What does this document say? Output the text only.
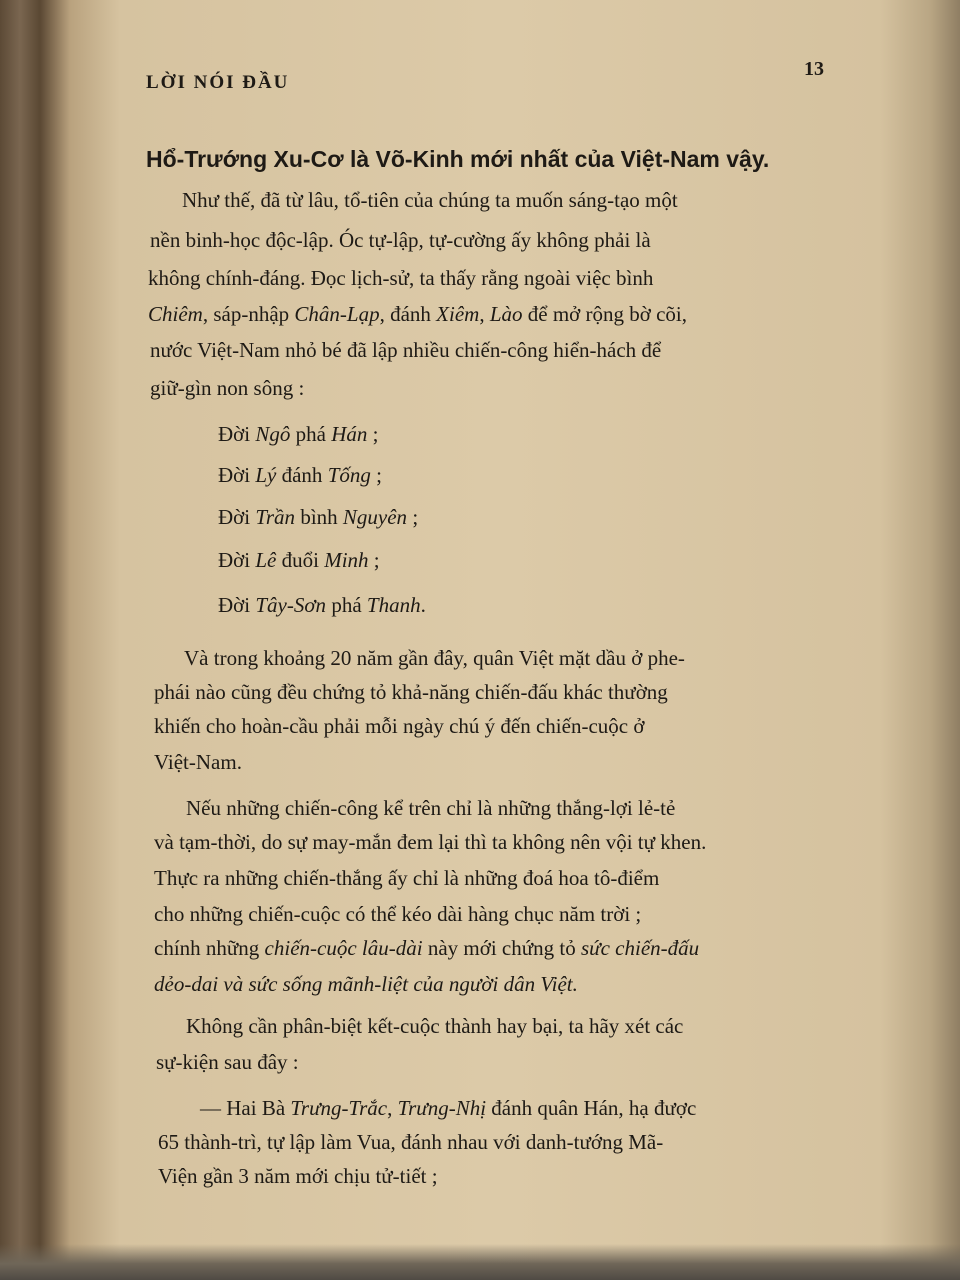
LỜI NÓI ĐẦU
13
Hổ-Trướng Xu-Cơ là Võ-Kinh mới nhất của Việt-Nam vậy.
Như thế, đã từ lâu, tổ-tiên của chúng ta muốn sáng-tạo một
nền binh-học độc-lập. Óc tự-lập, tự-cường ấy không phải là
không chính-đáng. Đọc lịch-sử, ta thấy rằng ngoài việc bình
Chiêm, sáp-nhập Chân-Lạp, đánh Xiêm, Lào để mở rộng bờ cõi,
nước Việt-Nam nhỏ bé đã lập nhiều chiến-công hiển-hách để
giữ-gìn non sông :
Đời Ngô phá Hán ;
Đời Lý đánh Tống ;
Đời Trần bình Nguyên ;
Đời Lê đuổi Minh ;
Đời Tây-Sơn phá Thanh.
Và trong khoảng 20 năm gần đây, quân Việt mặt dầu ở phe-
phái nào cũng đều chứng tỏ khả-năng chiến-đấu khác thường
khiến cho hoàn-cầu phải mỗi ngày chú ý đến chiến-cuộc ở
Việt-Nam.
Nếu những chiến-công kể trên chỉ là những thắng-lợi lẻ-tẻ
và tạm-thời, do sự may-mắn đem lại thì ta không nên vội tự khen.
Thực ra những chiến-thắng ấy chỉ là những đoá hoa tô-điểm
cho những chiến-cuộc có thể kéo dài hàng chục năm trời ;
chính những chiến-cuộc lâu-dài này mới chứng tỏ sức chiến-đấu
dẻo-dai và sức sống mãnh-liệt của người dân Việt.
Không cần phân-biệt kết-cuộc thành hay bại, ta hãy xét các
sự-kiện sau đây :
— Hai Bà Trưng-Trắc, Trưng-Nhị đánh quân Hán, hạ được
65 thành-trì, tự lập làm Vua, đánh nhau với danh-tướng Mã-
Viện gần 3 năm mới chịu tử-tiết ;
